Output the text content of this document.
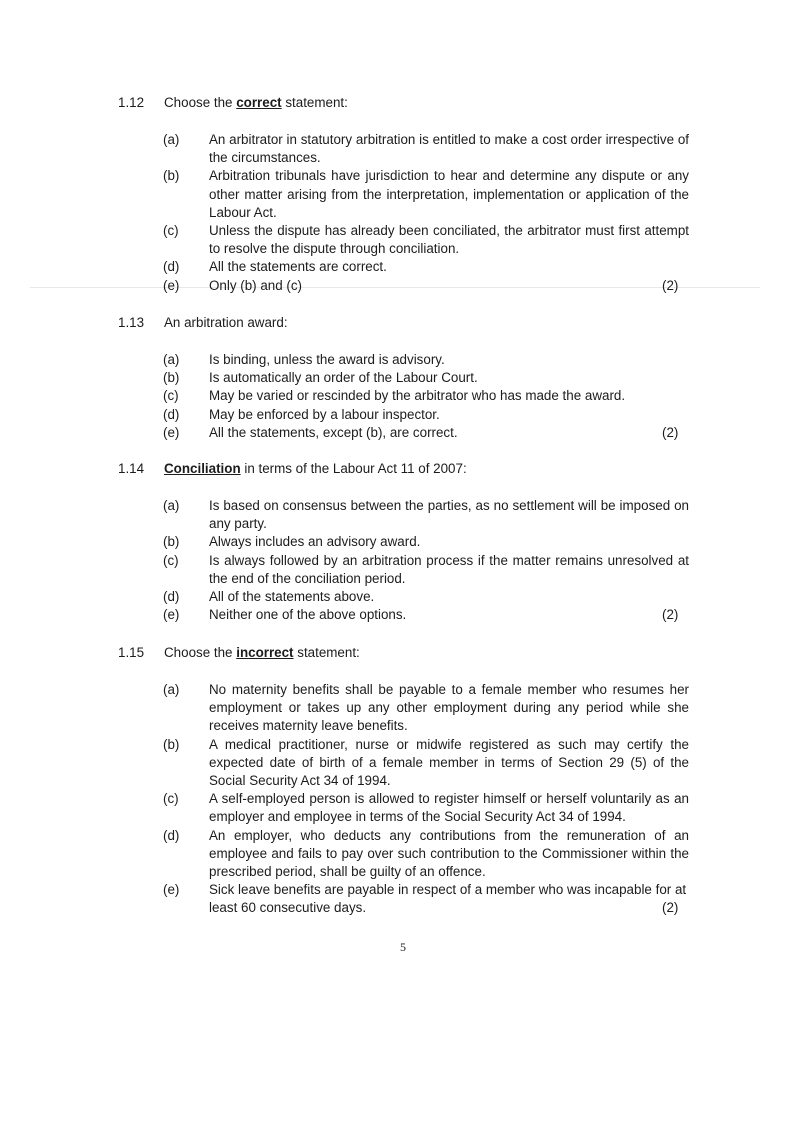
1.12 Choose the correct statement:
(a) An arbitrator in statutory arbitration is entitled to make a cost order irrespective of the circumstances.
(b) Arbitration tribunals have jurisdiction to hear and determine any dispute or any other matter arising from the interpretation, implementation or application of the Labour Act.
(c) Unless the dispute has already been conciliated, the arbitrator must first attempt to resolve the dispute through conciliation.
(d) All the statements are correct.
(e) Only (b) and (c)	(2)
1.13 An arbitration award:
(a) Is binding, unless the award is advisory.
(b) Is automatically an order of the Labour Court.
(c) May be varied or rescinded by the arbitrator who has made the award.
(d) May be enforced by a labour inspector.
(e) All the statements, except (b), are correct.	(2)
1.14 Conciliation in terms of the Labour Act 11 of 2007:
(a) Is based on consensus between the parties, as no settlement will be imposed on any party.
(b) Always includes an advisory award.
(c) Is always followed by an arbitration process if the matter remains unresolved at the end of the conciliation period.
(d) All of the statements above.
(e) Neither one of the above options.	(2)
1.15 Choose the incorrect statement:
(a) No maternity benefits shall be payable to a female member who resumes her employment or takes up any other employment during any period while she receives maternity leave benefits.
(b) A medical practitioner, nurse or midwife registered as such may certify the expected date of birth of a female member in terms of Section 29 (5) of the Social Security Act 34 of 1994.
(c) A self-employed person is allowed to register himself or herself voluntarily as an employer and employee in terms of the Social Security Act 34 of 1994.
(d) An employer, who deducts any contributions from the remuneration of an employee and fails to pay over such contribution to the Commissioner within the prescribed period, shall be guilty of an offence.
(e) Sick leave benefits are payable in respect of a member who was incapable for at least 60 consecutive days.	(2)
5
